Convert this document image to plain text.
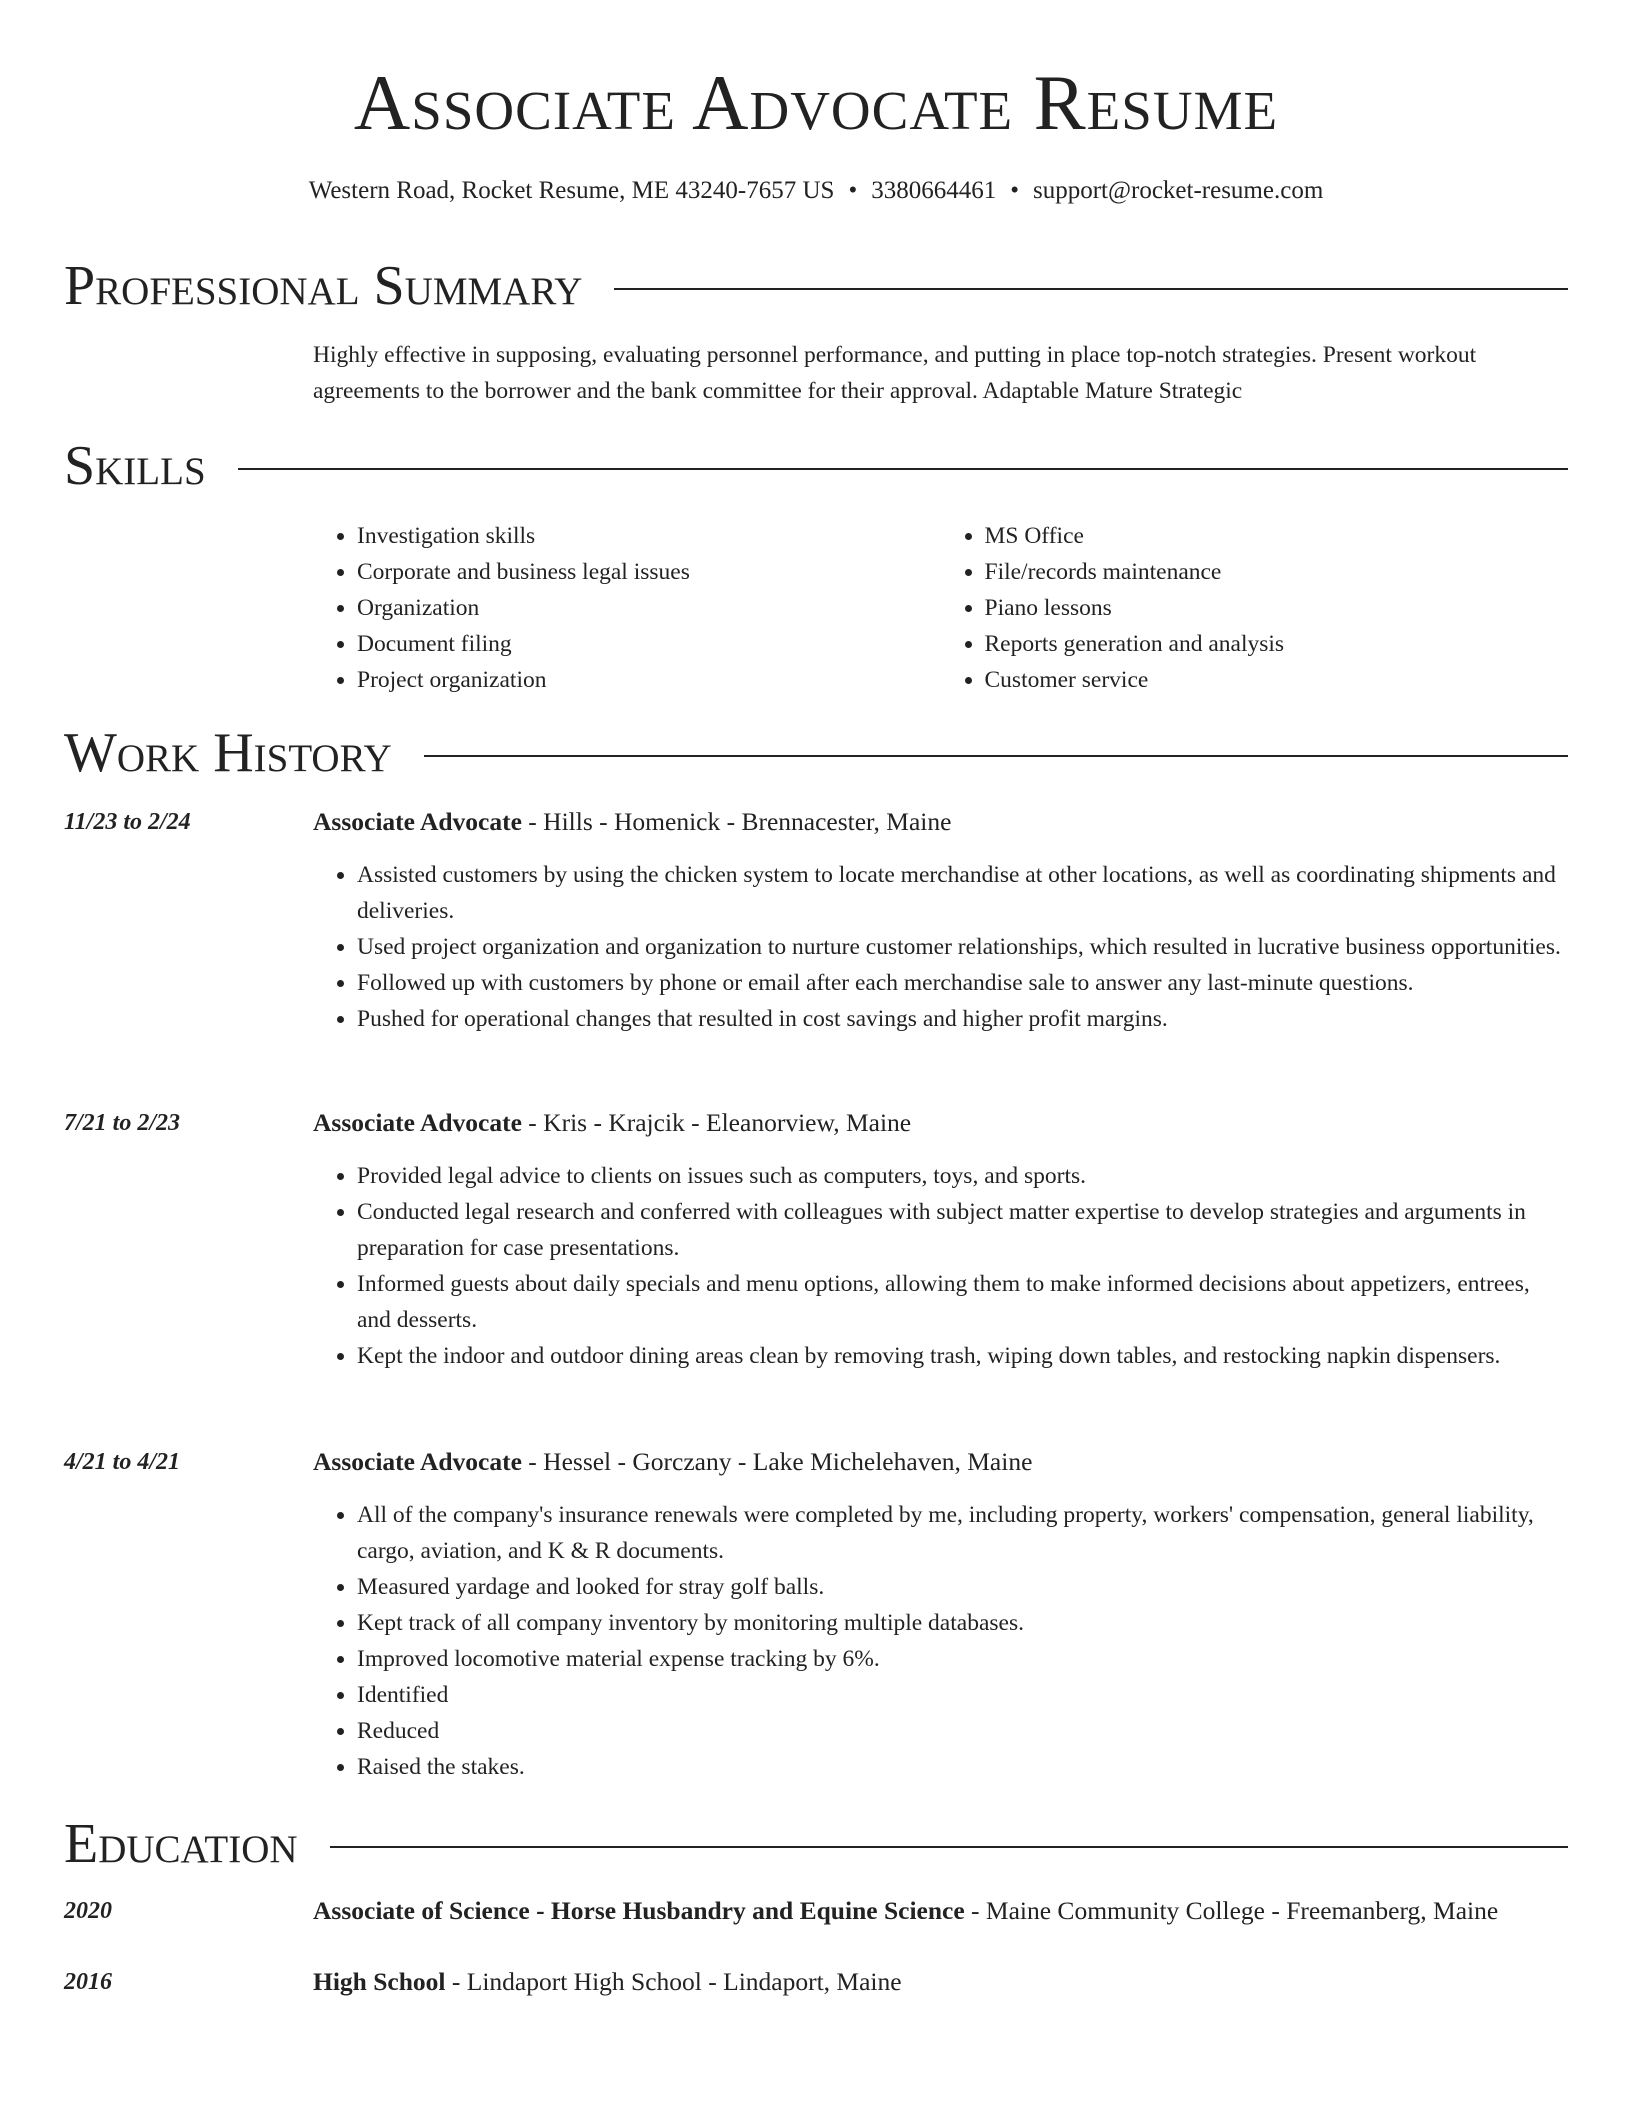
Associate Advocate Resume
Western Road, Rocket Resume, ME 43240-7657 US • 3380664461 • support@rocket-resume.com
Professional Summary

Highly effective in supposing, evaluating personnel performance, and putting in place top-notch strategies. Present workout agreements to the borrower and the bank committee for their approval. Adaptable Mature Strategic

Skills
• Investigation skills
• Corporate and business legal issues
• Organization
• Document filing
• Project organization
• MS Office
• File/records maintenance
• Piano lessons
• Reports generation and analysis
• Customer service
Work History
11/23 to 2/24	Associate Advocate - Hills - Homenick - Brennacester, Maine
• Assisted customers by using the chicken system to locate merchandise at other locations, as well as coordinating shipments and deliveries.
• Used project organization and organization to nurture customer relationships, which resulted in lucrative business opportunities.
• Followed up with customers by phone or email after each merchandise sale to answer any last-minute questions.
• Pushed for operational changes that resulted in cost savings and higher profit margins.
7/21 to 2/23	Associate Advocate - Kris - Krajcik - Eleanorview, Maine
• Provided legal advice to clients on issues such as computers, toys, and sports.
• Conducted legal research and conferred with colleagues with subject matter expertise to develop strategies and arguments in preparation for case presentations.
• Informed guests about daily specials and menu options, allowing them to make informed decisions about appetizers, entrees, and desserts.
• Kept the indoor and outdoor dining areas clean by removing trash, wiping down tables, and restocking napkin dispensers.
4/21 to 4/21	Associate Advocate - Hessel - Gorczany - Lake Michelehaven, Maine
• All of the company's insurance renewals were completed by me, including property, workers' compensation, general liability, cargo, aviation, and K & R documents.
• Measured yardage and looked for stray golf balls.
• Kept track of all company inventory by monitoring multiple databases.
• Improved locomotive material expense tracking by 6%.
• Identified
• Reduced
• Raised the stakes.
Education
2020	Associate of Science - Horse Husbandry and Equine Science - Maine Community College - Freemanberg, Maine
2016	High School - Lindaport High School - Lindaport, Maine
